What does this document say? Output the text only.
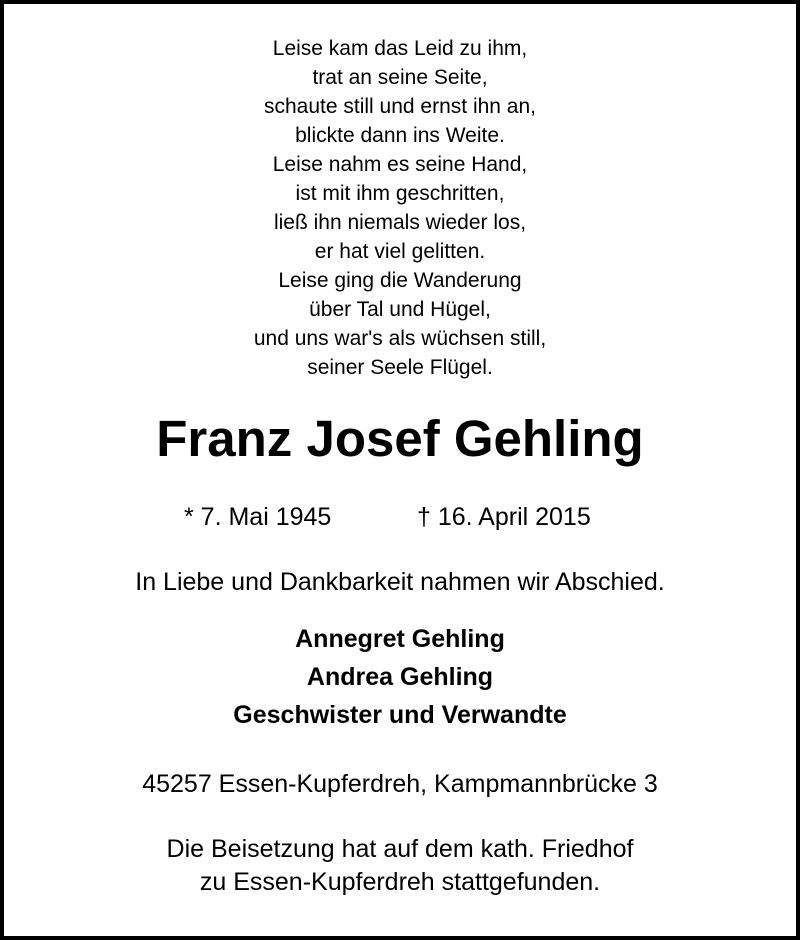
Leise kam das Leid zu ihm,
trat an seine Seite,
schaute still und ernst ihn an,
blickte dann ins Weite.
Leise nahm es seine Hand,
ist mit ihm geschritten,
ließ ihn niemals wieder los,
er hat viel gelitten.
Leise ging die Wanderung
über Tal und Hügel,
und uns war's als wüchsen still,
seiner Seele Flügel.
Franz Josef Gehling
* 7. Mai 1945	† 16. April 2015
In Liebe und Dankbarkeit nahmen wir Abschied.
Annegret Gehling
Andrea Gehling
Geschwister und Verwandte
45257 Essen-Kupferdreh, Kampmannbrücke 3
Die Beisetzung hat auf dem kath. Friedhof
zu Essen-Kupferdreh stattgefunden.
